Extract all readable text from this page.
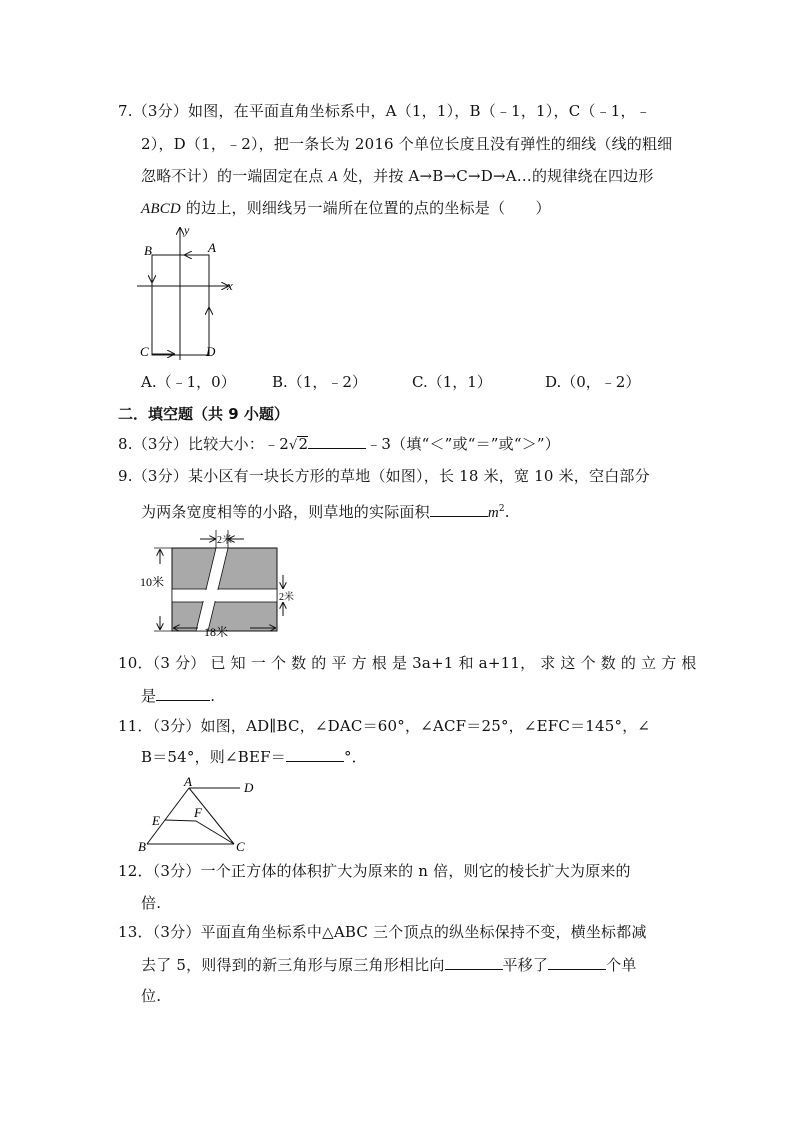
7.（3分）如图，在平面直角坐标系中，A（1，1），B（﹣1，1），C（﹣1，﹣
2），D（1，﹣2），把一条长为 2016 个单位长度且没有弹性的细线（线的粗细
忽略不计）的一端固定在点 A 处，并按 A→B→C→D→A…的规律绕在四边形
ABCD 的边上，则细线另一端所在位置的点的坐标是（　　）
B	A
C	D
x
y
A.（﹣1，0） B.（1，﹣2）	C.（1，1）	D.（0，﹣2）
二．填空题（共 9 小题）
8.（3分）比较大小：﹣2√2	﹣3（填“＜”或“＝”或“＞”）
9.（3分）某小区有一块长方形的草地（如图），长 18 米，宽 10 米，空白部分
为两条宽度相等的小路，则草地的实际面积	$m^2$.
10米
2米
2米
18米
10．（3 分） 已 知 一 个 数 的 平 方 根 是 3a+1 和 a+11， 求 这 个 数 的 立 方 根
是	.
11．（3分）如图，AD∥BC，∠DAC＝60°，∠ACF＝25°，∠EFC＝145°，∠
B＝54°，则∠BEF＝	°．
A	D
E
F
B	C
12．（3分）一个正方体的体积扩大为原来的 n 倍，则它的棱长扩大为原来的
倍.
13．（3分）平面直角坐标系中△ABC 三个顶点的纵坐标保持不变，横坐标都减
去了 5，则得到的新三角形与原三角形相比向	平移了	个单
位.
